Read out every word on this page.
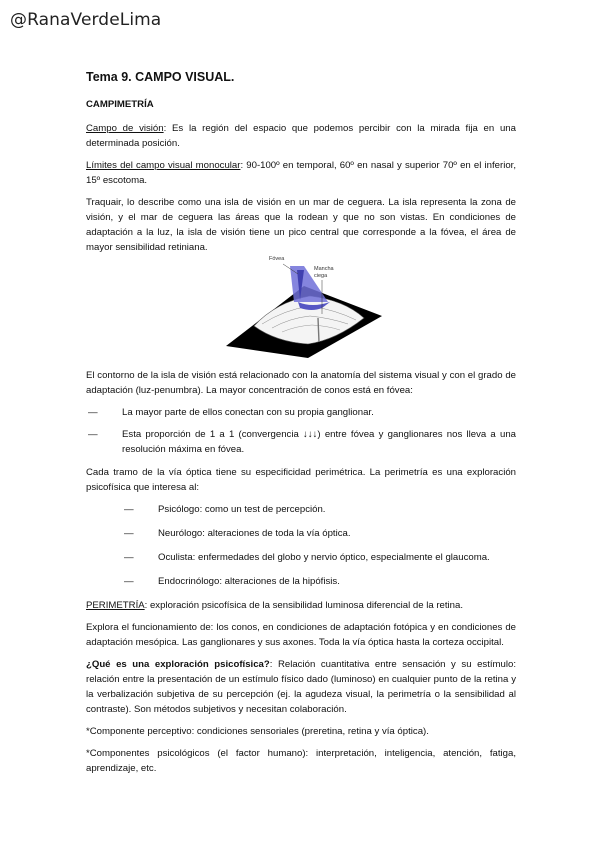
@RanaVerdeLima
Tema 9. CAMPO VISUAL.
CAMPIMETRÍA

Campo de visión: Es la región del espacio que podemos percibir con la mirada fija en una determinada posición.

Límites del campo visual monocular: 90-100º en temporal, 60º en nasal y superior 70º en el inferior, 15º escotoma.

Traquair, lo describe como una isla de visión en un mar de ceguera. La isla representa la zona de visión, y el mar de ceguera las áreas que la rodean y que no son vistas. En condiciones de adaptación a la luz, la isla de visión tiene un pico central que corresponde a la fóvea, el área de mayor sensibilidad retiniana.

Fóvea
Mancha ciega

El contorno de la isla de visión está relacionado con la anatomía del sistema visual y con el grado de adaptación (luz-penumbra). La mayor concentración de conos está en fóvea:

— La mayor parte de ellos conectan con su propia ganglionar.
— Esta proporción de 1 a 1 (convergencia ↓↓↓) entre fóvea y ganglionares nos lleva a una resolución máxima en fóvea.

Cada tramo de la vía óptica tiene su especificidad perimétrica. La perimetría es una exploración psicofísica que interesa al:

— Psicólogo: como un test de percepción.
— Neurólogo: alteraciones de toda la vía óptica.
— Oculista: enfermedades del globo y nervio óptico, especialmente el glaucoma.
— Endocrinólogo: alteraciones de la hipófisis.

PERIMETRÍA: exploración psicofísica de la sensibilidad luminosa diferencial de la retina.

Explora el funcionamiento de: los conos, en condiciones de adaptación fotópica y en condiciones de adaptación mesópica. Las ganglionares y sus axones. Toda la vía óptica hasta la corteza occipital.

¿Qué es una exploración psicofísica?: Relación cuantitativa entre sensación y su estímulo: relación entre la presentación de un estímulo físico dado (luminoso) en cualquier punto de la retina y la verbalización subjetiva de su percepción (ej. la agudeza visual, la perimetría o la sensibilidad al contraste). Son métodos subjetivos y necesitan colaboración.

*Componente perceptivo: condiciones sensoriales (preretina, retina y vía óptica).

*Componentes psicológicos (el factor humano): interpretación, inteligencia, atención, fatiga, aprendizaje, etc.
